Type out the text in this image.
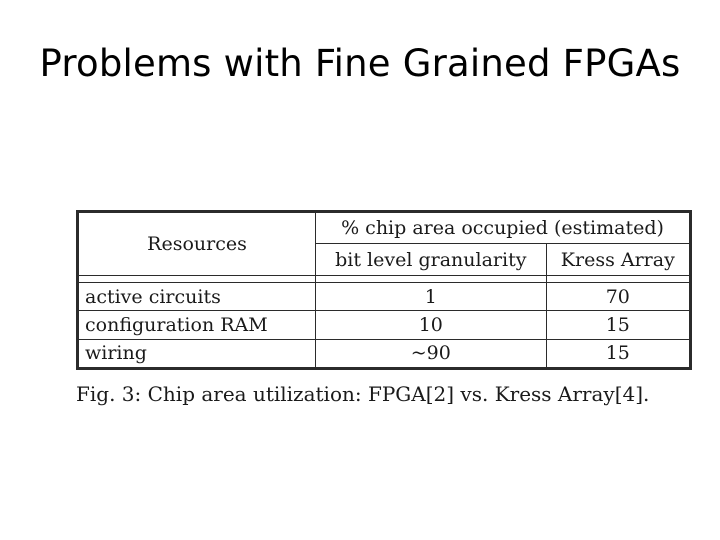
Problems with Fine Grained FPGAs
Resources	% chip area occupied (estimated)	
	bit level granularity	Kress Array

active circuits	1	70
configuration RAM	10	15
wiring	~90	15
Fig. 3: Chip area utilization: FPGA[2] vs. Kress Array[4].
